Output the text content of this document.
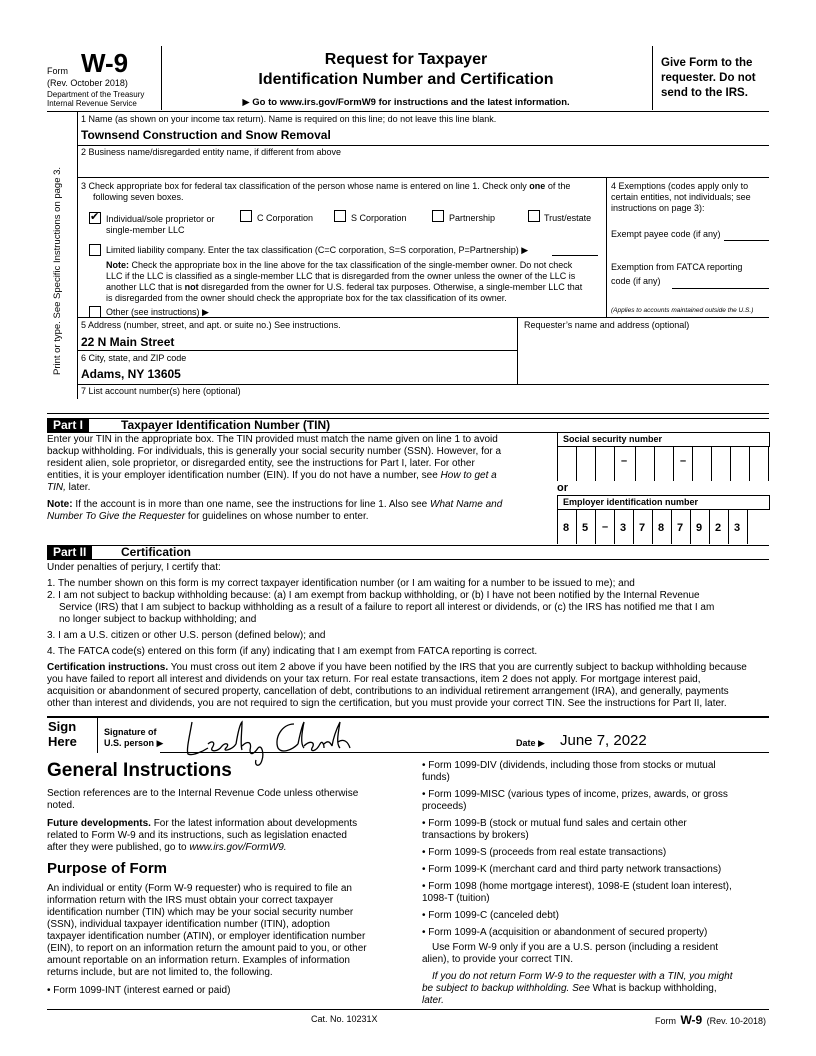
Form W-9
(Rev. October 2018)
Department of the Treasury
Internal Revenue Service
Request for Taxpayer
Identification Number and Certification
▶ Go to www.irs.gov/FormW9 for instructions and the latest information.
Give Form to the
requester. Do not
send to the IRS.
Print or type. See Specific Instructions on page 3.
1 Name (as shown on your income tax return). Name is required on this line; do not leave this line blank.
Townsend Construction and Snow Removal
2 Business name/disregarded entity name, if different from above
3 Check appropriate box for federal tax classification of the person whose name is entered on line 1. Check only one of the
following seven boxes.
✔ Individual/sole proprietor or
single-member LLC
C Corporation	S Corporation	Partnership	Trust/estate
Limited liability company. Enter the tax classification (C=C corporation, S=S corporation, P=Partnership) ▶
Note: Check the appropriate box in the line above for the tax classification of the single-member owner. Do not check
LLC if the LLC is classified as a single-member LLC that is disregarded from the owner unless the owner of the LLC is
another LLC that is not disregarded from the owner for U.S. federal tax purposes. Otherwise, a single-member LLC that
is disregarded from the owner should check the appropriate box for the tax classification of its owner.
Other (see instructions) ▶
4 Exemptions (codes apply only to
certain entities, not individuals; see
instructions on page 3):
Exempt payee code (if any)
Exemption from FATCA reporting
code (if any)
(Applies to accounts maintained outside the U.S.)
5 Address (number, street, and apt. or suite no.) See instructions.
22 N Main Street
Requester’s name and address (optional)
6 City, state, and ZIP code
Adams, NY 13605
7 List account number(s) here (optional)
Part I	Taxpayer Identification Number (TIN)
Enter your TIN in the appropriate box. The TIN provided must match the name given on line 1 to avoid
backup withholding. For individuals, this is generally your social security number (SSN). However, for a
resident alien, sole proprietor, or disregarded entity, see the instructions for Part I, later. For other
entities, it is your employer identification number (EIN). If you do not have a number, see How to get a
TIN, later.
Note: If the account is in more than one name, see the instructions for line 1. Also see What Name and
Number To Give the Requester for guidelines on whose number to enter.
Social security number
–	–
or
Employer identification number
8	5	–	3	7	8	7	9	2	3
Part II	Certification
Under penalties of perjury, I certify that:
1. The number shown on this form is my correct taxpayer identification number (or I am waiting for a number to be issued to me); and
2. I am not subject to backup withholding because: (a) I am exempt from backup withholding, or (b) I have not been notified by the Internal Revenue
Service (IRS) that I am subject to backup withholding as a result of a failure to report all interest or dividends, or (c) the IRS has notified me that I am
no longer subject to backup withholding; and
3. I am a U.S. citizen or other U.S. person (defined below); and
4. The FATCA code(s) entered on this form (if any) indicating that I am exempt from FATCA reporting is correct.
Certification instructions. You must cross out item 2 above if you have been notified by the IRS that you are currently subject to backup withholding because
you have failed to report all interest and dividends on your tax return. For real estate transactions, item 2 does not apply. For mortgage interest paid,
acquisition or abandonment of secured property, cancellation of debt, contributions to an individual retirement arrangement (IRA), and generally, payments
other than interest and dividends, you are not required to sign the certification, but you must provide your correct TIN. See the instructions for Part II, later.
Sign
Here
Signature of
U.S. person ▶	Date ▶ June 7, 2022
General Instructions
Section references are to the Internal Revenue Code unless otherwise
noted.
Future developments. For the latest information about developments
related to Form W-9 and its instructions, such as legislation enacted
after they were published, go to www.irs.gov/FormW9.
Purpose of Form
An individual or entity (Form W-9 requester) who is required to file an
information return with the IRS must obtain your correct taxpayer
identification number (TIN) which may be your social security number
(SSN), individual taxpayer identification number (ITIN), adoption
taxpayer identification number (ATIN), or employer identification number
(EIN), to report on an information return the amount paid to you, or other
amount reportable on an information return. Examples of information
returns include, but are not limited to, the following.
• Form 1099-INT (interest earned or paid)
• Form 1099-DIV (dividends, including those from stocks or mutual
funds)
• Form 1099-MISC (various types of income, prizes, awards, or gross
proceeds)
• Form 1099-B (stock or mutual fund sales and certain other
transactions by brokers)
• Form 1099-S (proceeds from real estate transactions)
• Form 1099-K (merchant card and third party network transactions)
• Form 1098 (home mortgage interest), 1098-E (student loan interest),
1098-T (tuition)
• Form 1099-C (canceled debt)
• Form 1099-A (acquisition or abandonment of secured property)
Use Form W-9 only if you are a U.S. person (including a resident
alien), to provide your correct TIN.
If you do not return Form W-9 to the requester with a TIN, you might
be subject to backup withholding. See What is backup withholding,
later.
Cat. No. 10231X	Form W-9 (Rev. 10-2018)
